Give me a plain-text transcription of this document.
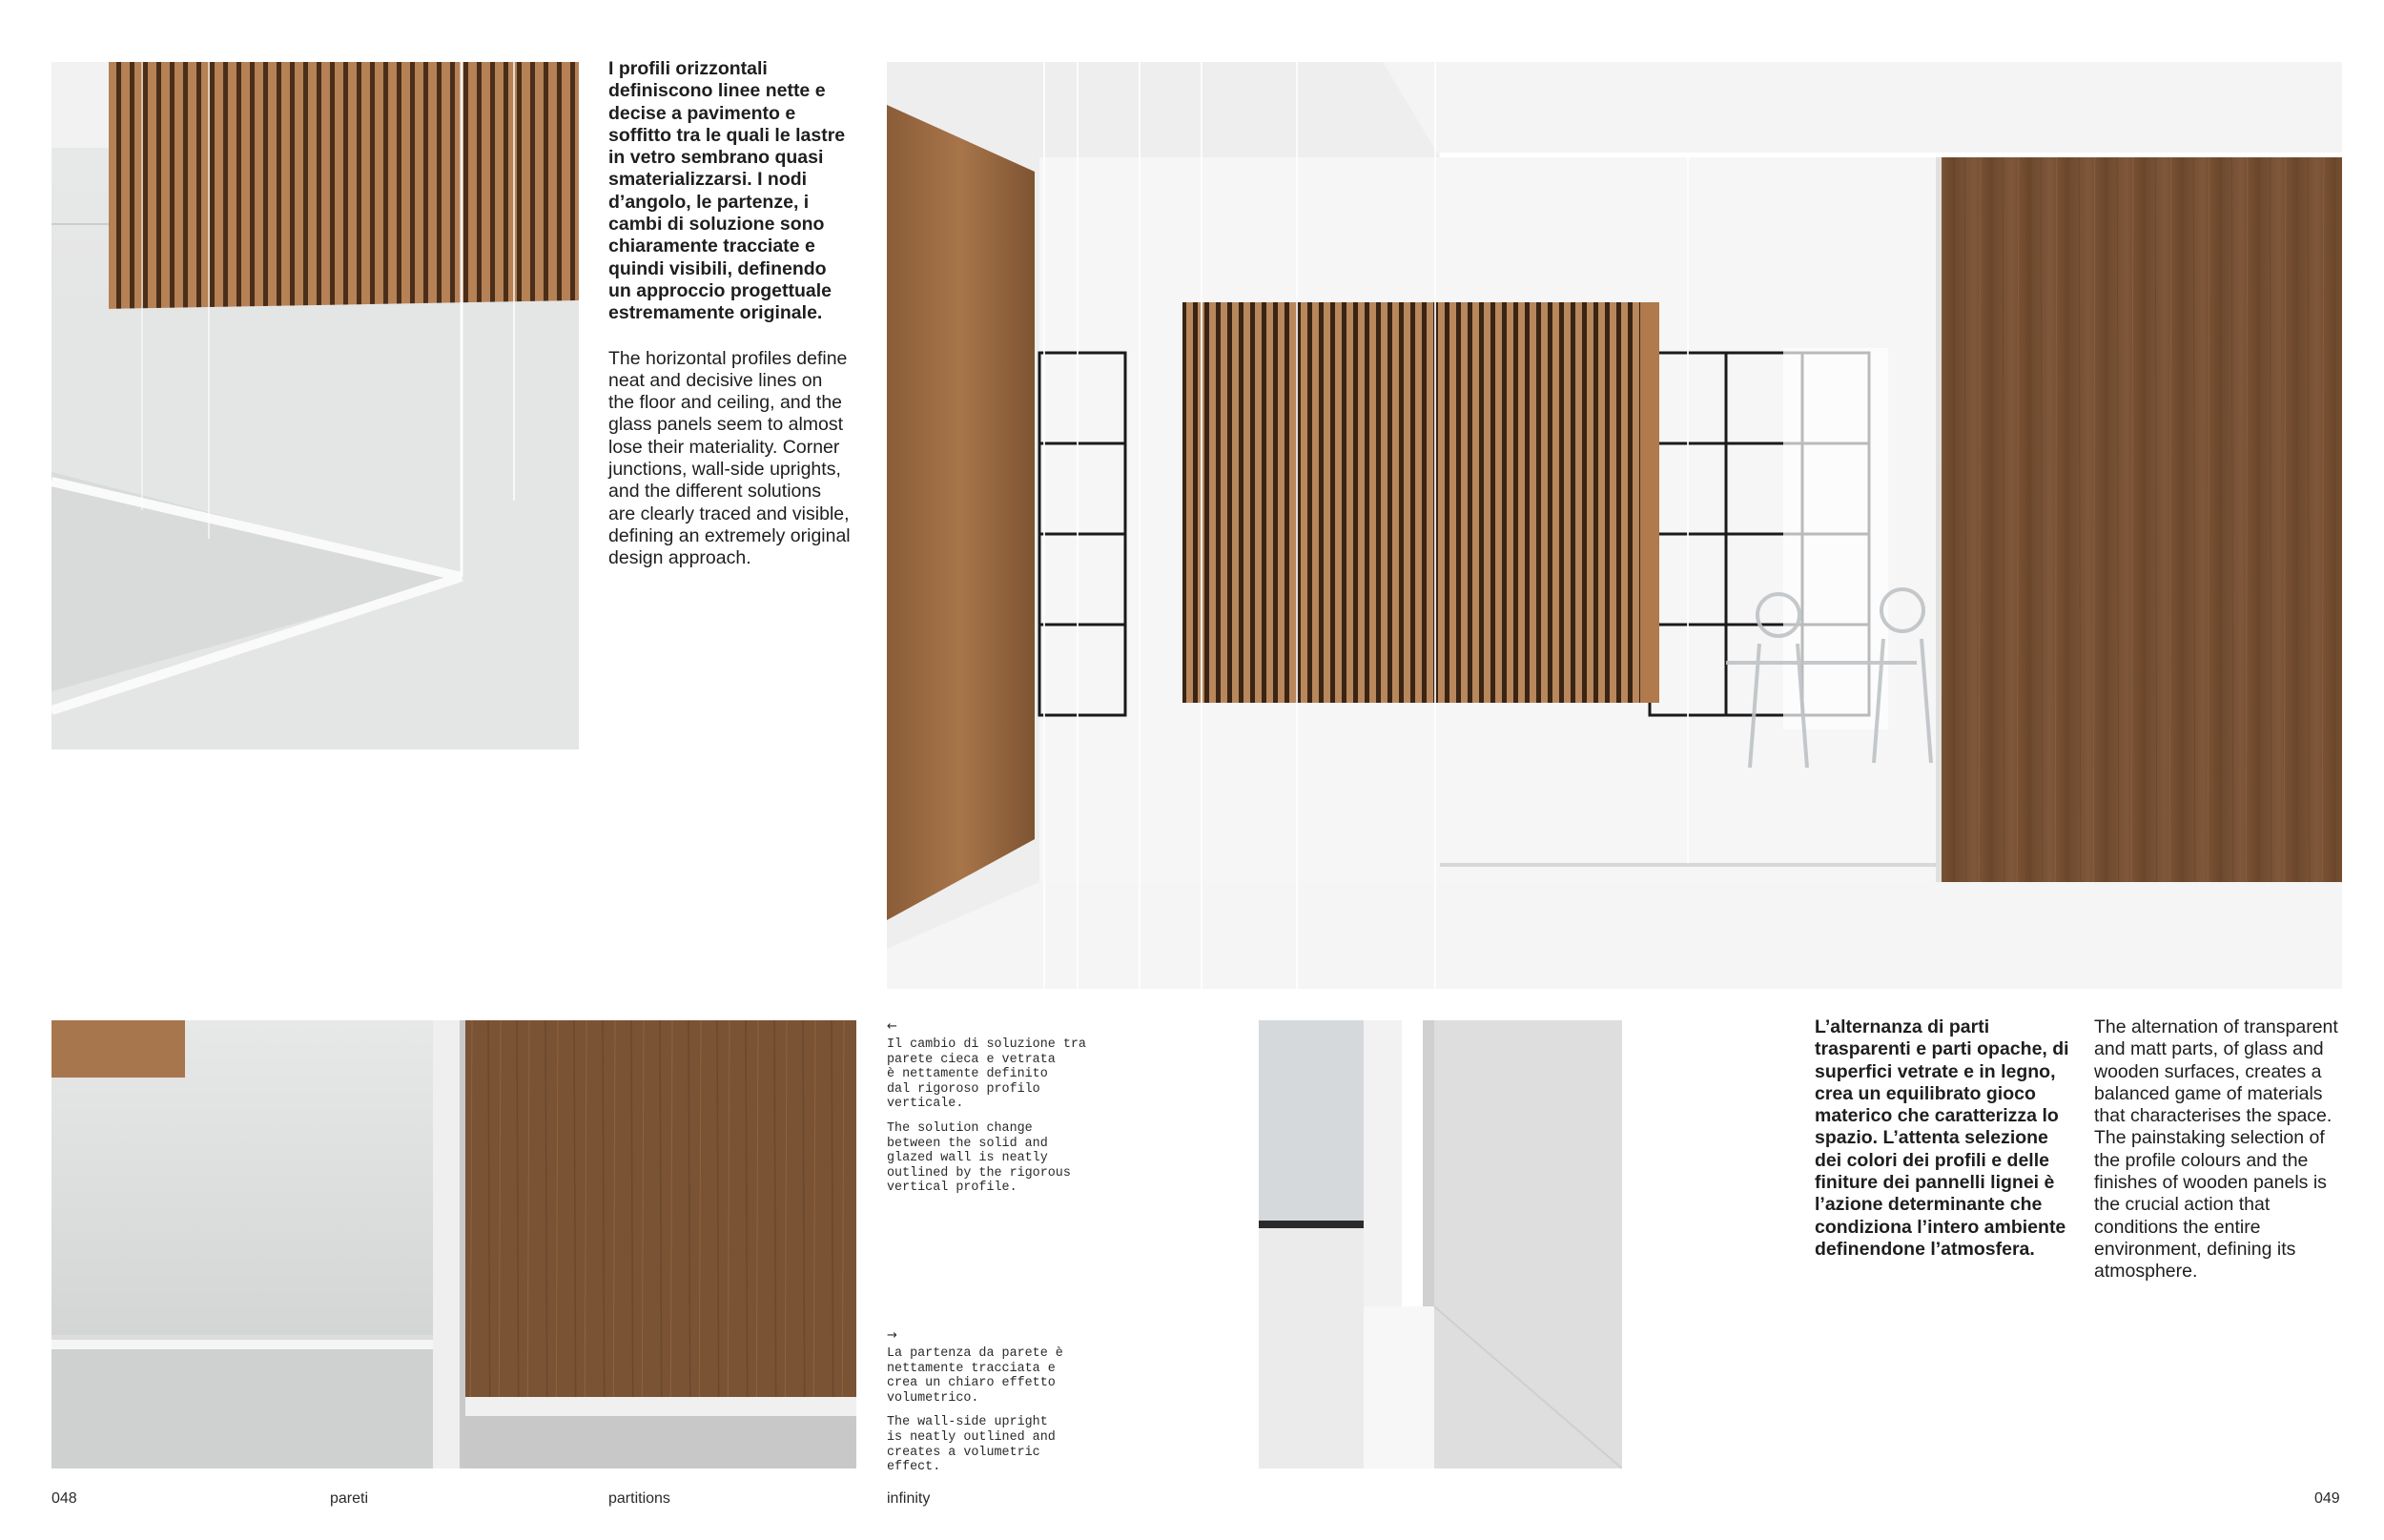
I profili orizzontali definiscono linee nette e decise a pavimento e soffitto tra le quali le lastre in vetro sembrano quasi smaterializzarsi. I nodi d’angolo, le partenze, i cambi di soluzione sono chiaramente tracciate e quindi visibili, definendo un approccio progettuale estremamente originale.

The horizontal profiles define neat and decisive lines on the floor and ceiling, and the glass panels seem to almost lose their materiality. Corner junctions, wall-side uprights, and the different solutions are clearly traced and visible, defining an extremely original design approach.

←

Il cambio di soluzione tra
parete cieca e vetrata
è nettamente definito
dal rigoroso profilo
verticale.

The solution change
between the solid and
glazed wall is neatly
outlined by the rigorous
vertical profile.

→

La partenza da parete è
nettamente tracciata e
crea un chiaro effetto
volumetrico.

The wall-side upright
is neatly outlined and
creates a volumetric
effect.

L’alternanza di parti trasparenti e parti opache, di superfici vetrate e in legno, crea un equilibrato gioco materico che caratterizza lo spazio. L’attenta selezione dei colori dei profili e delle finiture dei pannelli lignei è l’azione determinante che condiziona l’intero ambiente definendone l’atmosfera.

The alternation of transparent and matt parts, of glass and wooden surfaces, creates a balanced game of materials that characterises the space. The painstaking selection of the profile colours and the finishes of wooden panels is the crucial action that conditions the entire environment, defining its atmosphere.

048	pareti	partitions	infinity	049
